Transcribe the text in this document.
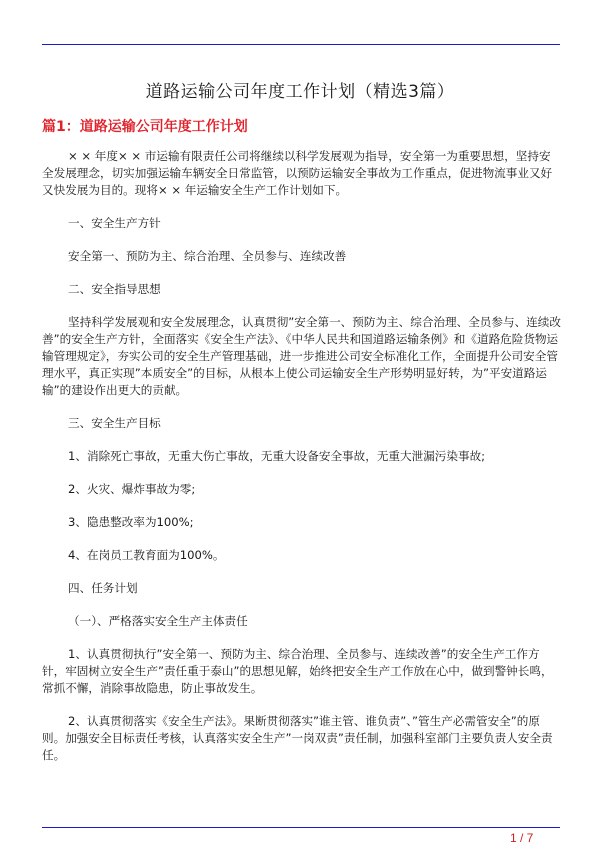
道路运输公司年度工作计划（精选3篇）
篇1：道路运输公司年度工作计划

× × 年度× × 市运输有限责任公司将继续以科学发展观为指导，安全第一为重要思想，坚持安全发展理念，切实加强运输车辆安全日常监管，以预防运输安全事故为工作重点，促进物流事业又好又快发展为目的。现将× × 年运输安全生产工作计划如下。

一、安全生产方针

安全第一、预防为主、综合治理、全员参与、连续改善

二、安全指导思想

坚持科学发展观和安全发展理念，认真贯彻”安全第一、预防为主、综合治理、全员参与、连续改善”的安全生产方针，全面落实《安全生产法》、《中华人民共和国道路运输条例》和《道路危险货物运输管理规定》，夯实公司的安全生产管理基础，进一步推进公司安全标准化工作，全面提升公司安全管理水平，真正实现”本质安全”的目标，从根本上使公司运输安全生产形势明显好转，为”平安道路运输”的建设作出更大的贡献。

三、安全生产目标

1、消除死亡事故，无重大伤亡事故，无重大设备安全事故，无重大泄漏污染事故;

2、火灾、爆炸事故为零;

3、隐患整改率为100%;

4、在岗员工教育面为100%。

四、任务计划

（一）、严格落实安全生产主体责任

1、认真贯彻执行”安全第一、预防为主、综合治理、全员参与、连续改善”的安全生产工作方针，牢固树立安全生产”责任重于泰山”的思想见解，始终把安全生产工作放在心中，做到警钟长鸣，常抓不懈，消除事故隐患，防止事故发生。

2、认真贯彻落实《安全生产法》。果断贯彻落实”谁主管、谁负责”、”管生产必需管安全”的原则。加强安全目标责任考核，认真落实安全生产”一岗双责”责任制，加强科室部门主要负责人安全责任。

1 / 7
